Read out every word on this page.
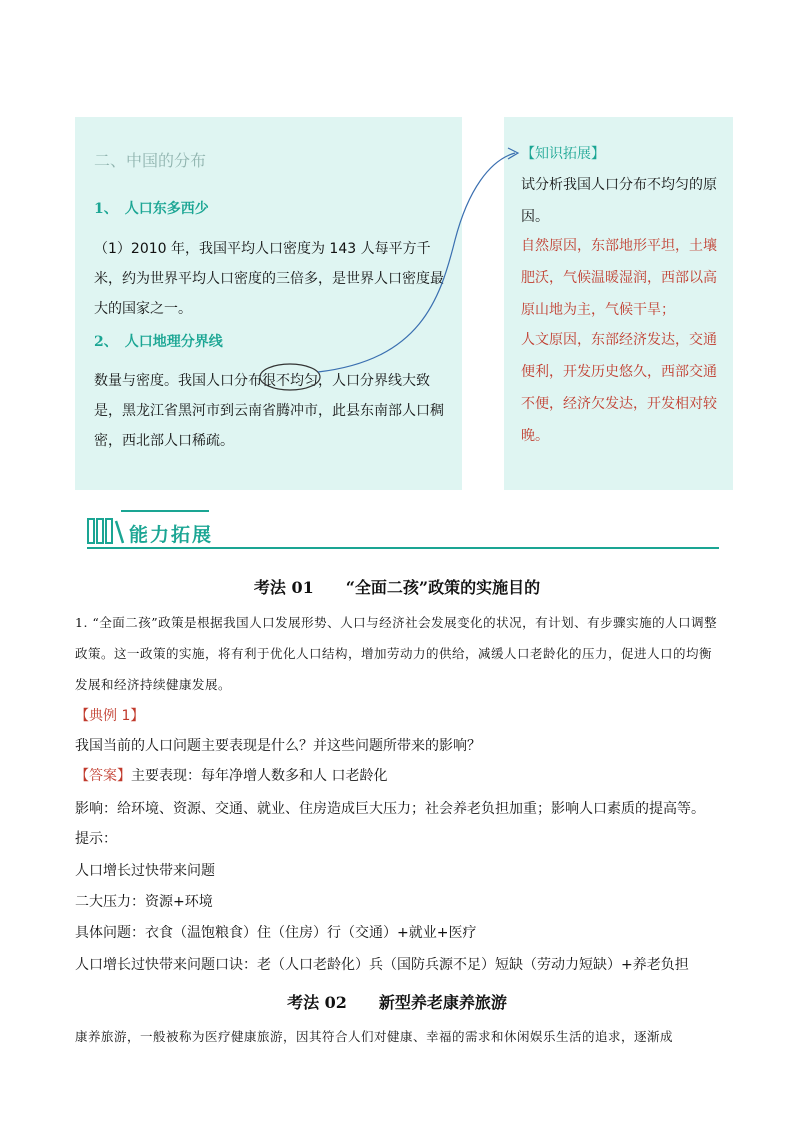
二、中国的分布
1、　人口东多西少
（1）2010 年，我国平均人口密度为 143 人每平方千米，约为世界平均人口密度的三倍多，是世界人口密度最大的国家之一。
2、　人口地理分界线
数量与密度。我国人口分布很不均匀，人口分界线大致是，黑龙江省黑河市到云南省腾冲市，此县东南部人口稠密，西北部人口稀疏。
【知识拓展】
试分析我国人口分布不均匀的原因。
自然原因，东部地形平坦，土壤肥沃，气候温暖湿润，西部以高原山地为主，气候干旱；
人文原因，东部经济发达，交通便利，开发历史悠久，西部交通不便，经济欠发达，开发相对较晚。
能力拓展
考法 01　　“全面二孩”政策的实施目的
1. “全面二孩”政策是根据我国人口发展形势、人口与经济社会发展变化的状况，有计划、有步骤实施的人口调整政策。这一政策的实施，将有利于优化人口结构，增加劳动力的供给，减缓人口老龄化的压力，促进人口的均衡发展和经济持续健康发展。
【典例 1】
我国当前的人口问题主要表现是什么？并这些问题所带来的影响？
【答案】主要表现：每年净增人数多和人 口老龄化
影响：给环境、资源、交通、就业、住房造成巨大压力；社会养老负担加重；影响人口素质的提高等。
提示：
人口增长过快带来问题
二大压力：资源+环境
具体问题：衣食（温饱粮食）住（住房）行（交通）+就业+医疗
人口增长过快带来问题口诀：老（人口老龄化）兵（国防兵源不足）短缺（劳动力短缺）+养老负担
考法 02　　新型养老康养旅游
康养旅游，一般被称为医疗健康旅游，因其符合人们对健康、幸福的需求和休闲娱乐生活的追求，逐渐成
